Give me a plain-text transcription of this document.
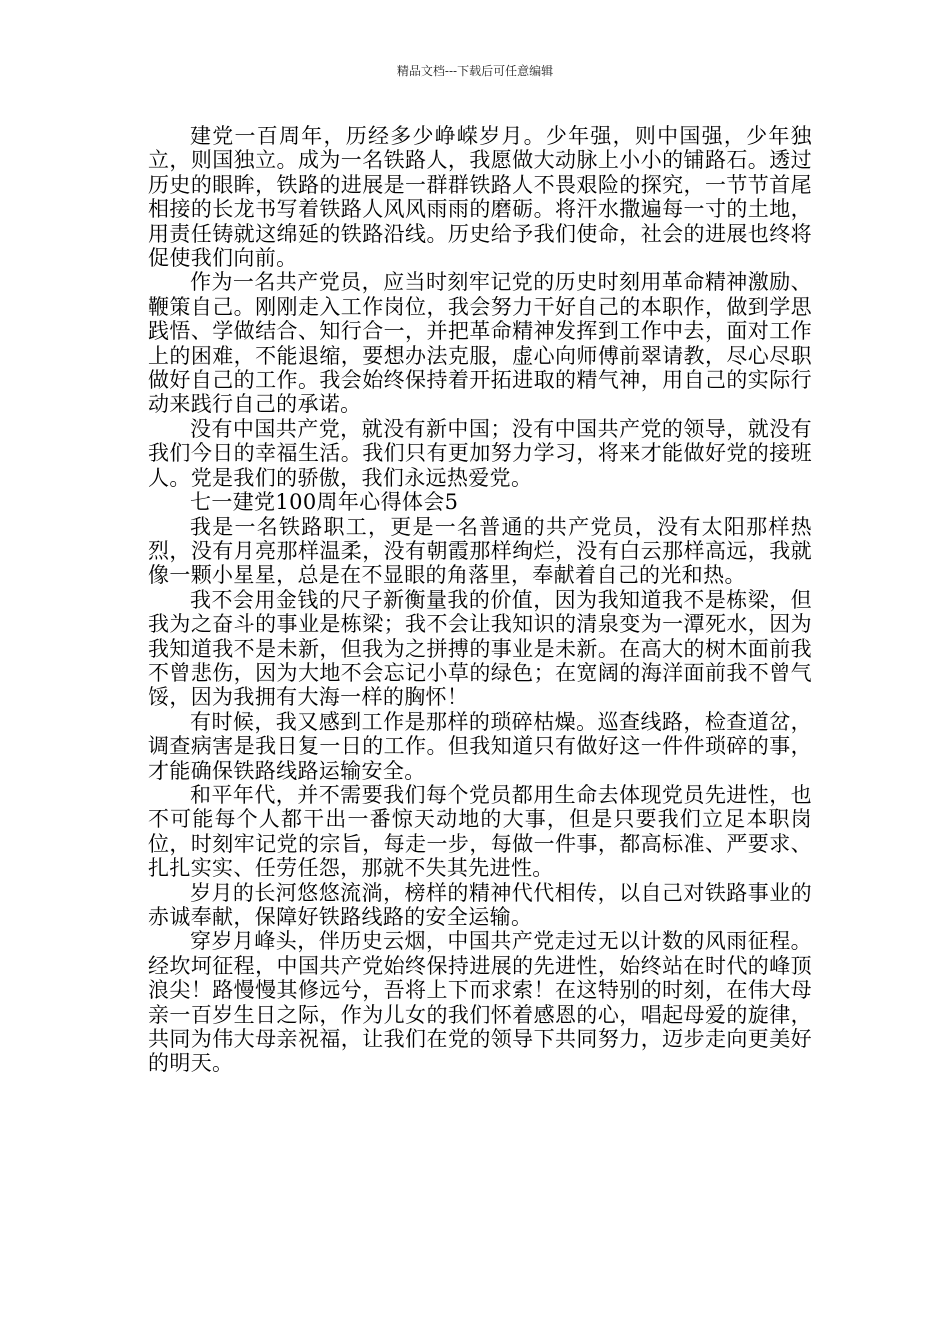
精品文档---下载后可任意编辑

建党一百周年，历经多少峥嵘岁月。少年强，则中国强，少年独立，则国独立。成为一名铁路人，我愿做大动脉上小小的铺路石。透过历史的眼眸，铁路的进展是一群群铁路人不畏艰险的探究，一节节首尾相接的长龙书写着铁路人风风雨雨的磨砺。将汗水撒遍每一寸的土地，用责任铸就这绵延的铁路沿线。历史给予我们使命，社会的进展也终将促使我们向前。

作为一名共产党员，应当时刻牢记党的历史时刻用革命精神激励、鞭策自己。刚刚走入工作岗位，我会努力干好自己的本职作，做到学思践悟、学做结合、知行合一，并把革命精神发挥到工作中去，面对工作上的困难，不能退缩，要想办法克服，虚心向师傅前翠请教，尽心尽职做好自己的工作。我会始终保持着开拓进取的精气神，用自己的实际行动来践行自己的承诺。

没有中国共产党，就没有新中国；没有中国共产党的领导，就没有我们今日的幸福生活。我们只有更加努力学习，将来才能做好党的接班人。党是我们的骄傲，我们永远热爱党。

七一建党100周年心得体会5

我是一名铁路职工，更是一名普通的共产党员，没有太阳那样热烈，没有月亮那样温柔，没有朝霞那样绚烂，没有白云那样高远，我就像一颗小星星，总是在不显眼的角落里，奉献着自己的光和热。

我不会用金钱的尺子新衡量我的价值，因为我知道我不是栋梁，但我为之奋斗的事业是栋梁；我不会让我知识的清泉变为一潭死水，因为我知道我不是未新，但我为之拼搏的事业是未新。在高大的树木面前我不曾悲伤，因为大地不会忘记小草的绿色；在宽阔的海洋面前我不曾气馁，因为我拥有大海一样的胸怀！

有时候，我又感到工作是那样的琐碎枯燥。巡查线路，检查道岔，调查病害是我日复一日的工作。但我知道只有做好这一件件琐碎的事，才能确保铁路线路运输安全。

和平年代，并不需要我们每个党员都用生命去体现党员先进性，也不可能每个人都干出一番惊天动地的大事，但是只要我们立足本职岗位，时刻牢记党的宗旨，每走一步，每做一件事，都高标准、严要求、扎扎实实、任劳任怨，那就不失其先进性。

岁月的长河悠悠流淌，榜样的精神代代相传，以自己对铁路事业的赤诚奉献，保障好铁路线路的安全运输。

穿岁月峰头，伴历史云烟，中国共产党走过无以计数的风雨征程。经坎坷征程，中国共产党始终保持进展的先进性，始终站在时代的峰顶浪尖！路慢慢其修远兮，吾将上下而求索！在这特别的时刻，在伟大母亲一百岁生日之际，作为儿女的我们怀着感恩的心，唱起母爱的旋律，共同为伟大母亲祝福，让我们在党的领导下共同努力，迈步走向更美好的明天。
